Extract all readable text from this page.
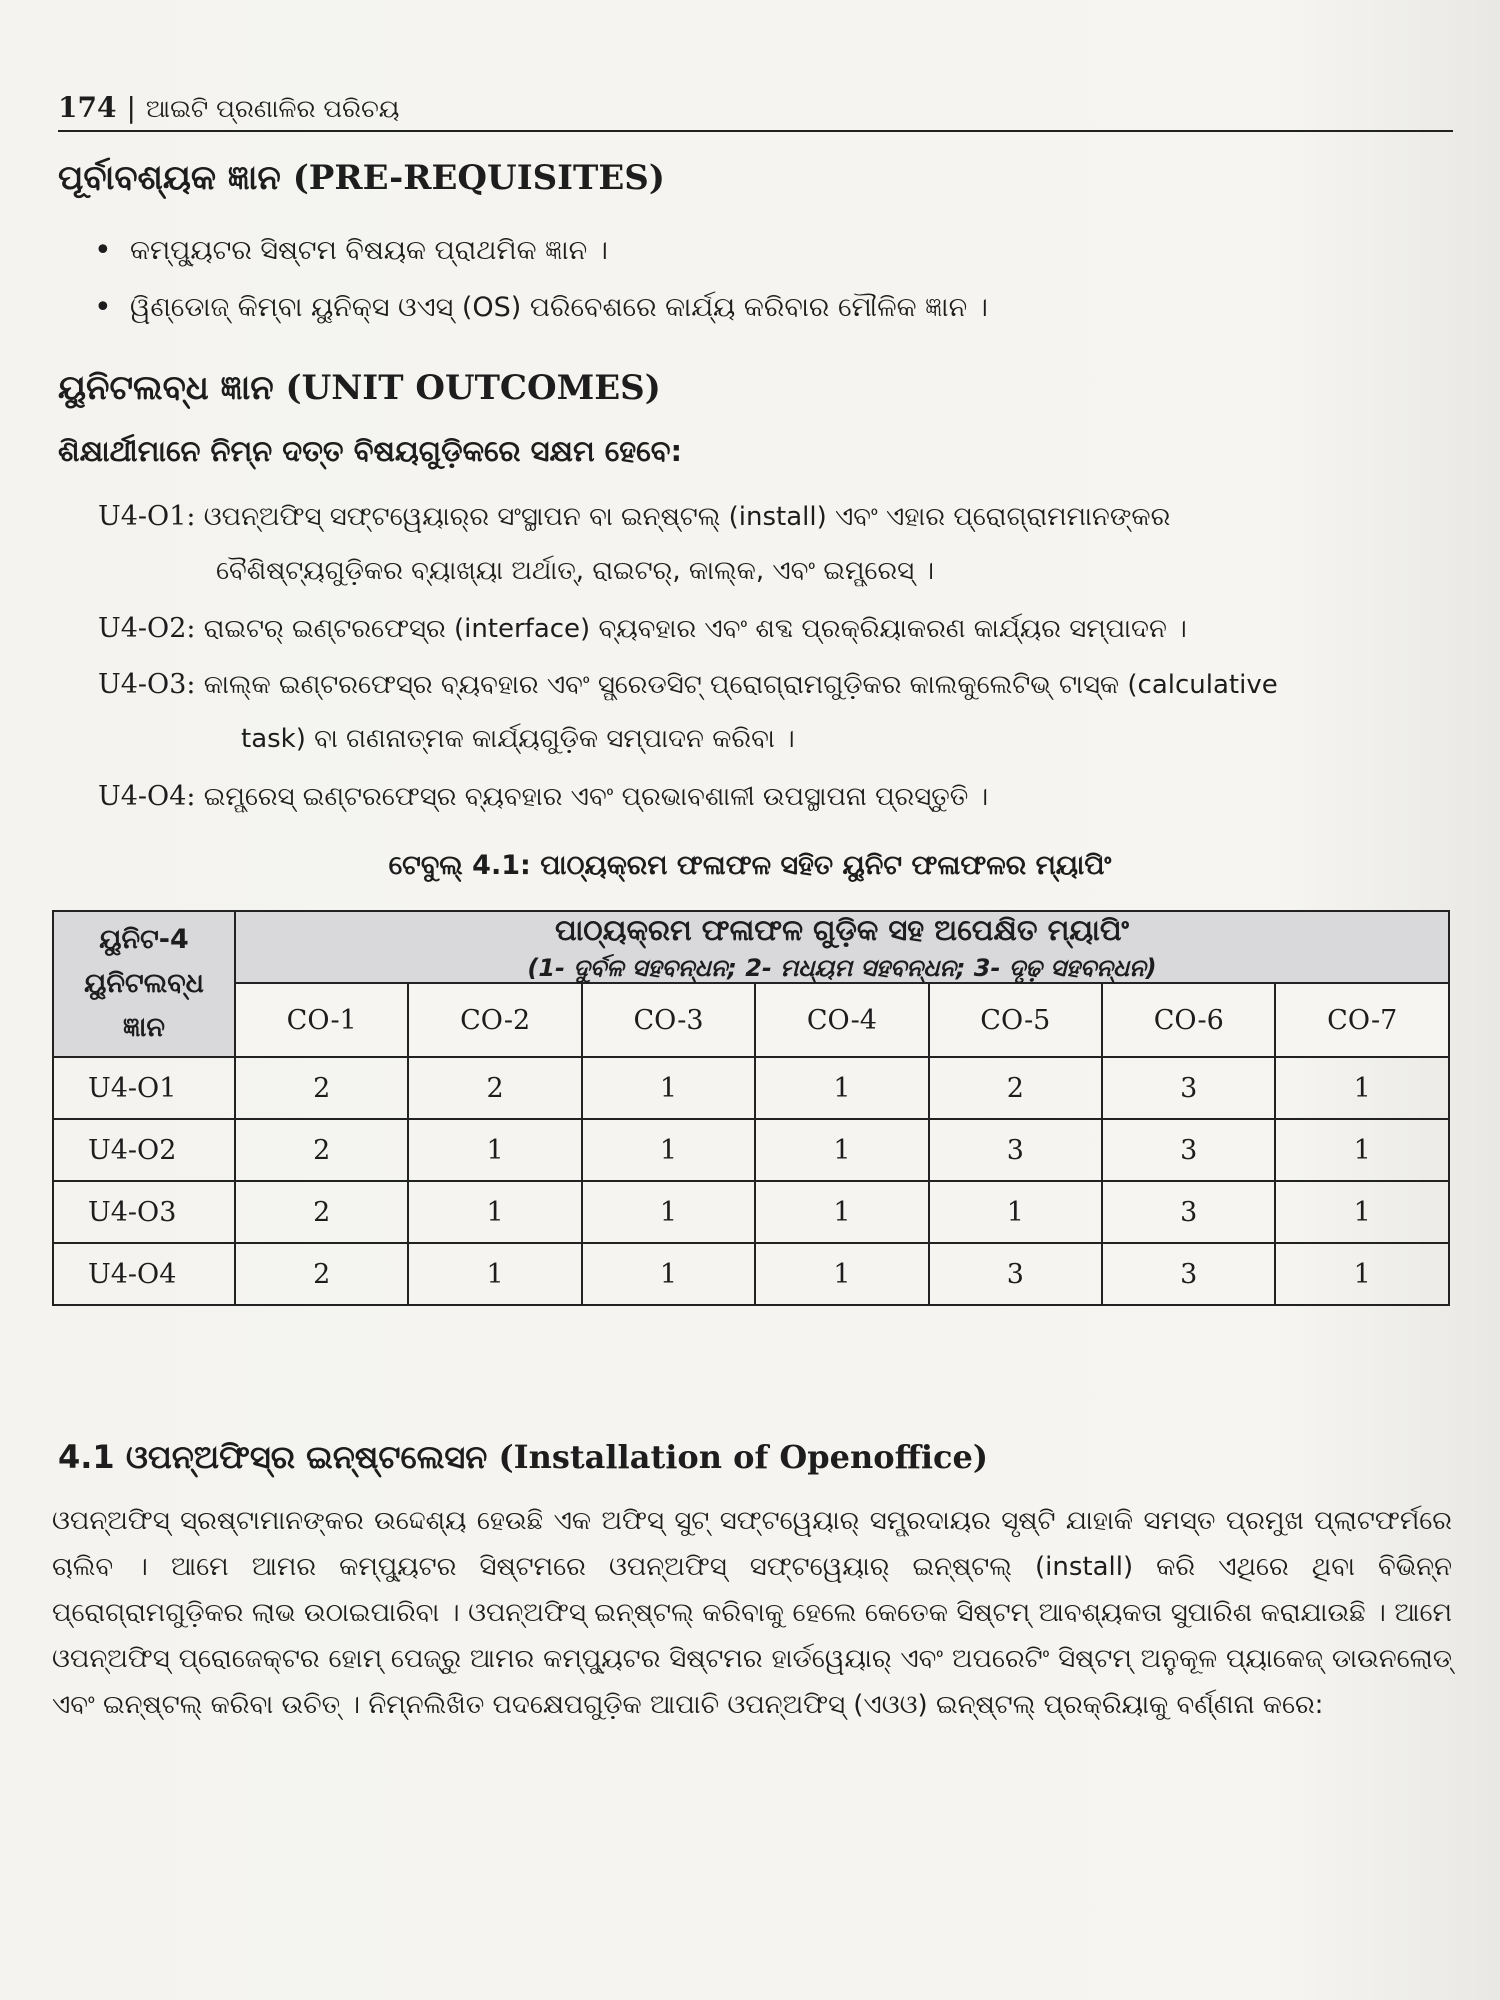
174 | ଆଇଟି ପ୍ରଣାଳିର ପରିଚୟ
ପୂର୍ବାବଶ୍ୟକ ଜ୍ଞାନ (PRE-REQUISITES)
• କମ୍ପ୍ୟୁଟର ସିଷ୍ଟମ ବିଷୟକ ପ୍ରାଥମିକ ଜ୍ଞାନ ।
• ୱିଣ୍ଡୋଜ୍ କିମ୍ବା ୟୁନିକ୍ସ ଓଏସ୍ (OS) ପରିବେଶରେ କାର୍ଯ୍ୟ କରିବାର ମୌଳିକ ଜ୍ଞାନ ।
ୟୁନିଟଲବ୍ଧ ଜ୍ଞାନ (UNIT OUTCOMES)
ଶିକ୍ଷାର୍ଥୀମାନେ ନିମ୍ନ ଦତ୍ତ ବିଷୟଗୁଡ଼ିକରେ ସକ୍ଷମ ହେବେ:
U4-O1: ଓପନ୍‌ଅଫିସ୍ ସଫ୍ଟୱେୟାର୍‌ର ସଂସ୍ଥାପନ ବା ଇନ୍‌ଷ୍ଟଲ୍ (install) ଏବଂ ଏହାର ପ୍ରୋଗ୍ରାମମାନଙ୍କର
ବୈଶିଷ୍ଟ୍ୟଗୁଡ଼ିକର ବ୍ୟାଖ୍ୟା ଅର୍ଥାତ୍, ରାଇଟର୍, କାଲ୍କ, ଏବଂ ଇମ୍ପ୍ରେସ୍ ।
U4-O2: ରାଇଟର୍ ଇଣ୍ଟରଫେସ୍‌ର (interface) ବ୍ୟବହାର ଏବଂ ଶବ୍ଦ ପ୍ରକ୍ରିୟାକରଣ କାର୍ଯ୍ୟର ସମ୍ପାଦନ ।
U4-O3: କାଲ୍କ ଇଣ୍ଟରଫେସ୍‌ର ବ୍ୟବହାର ଏବଂ ସ୍ପ୍ରେଡସିଟ୍ ପ୍ରୋଗ୍ରାମଗୁଡ଼ିକର କାଲକୁଲେଟିଭ୍ ଟାସ୍କ (calculative
task) ବା ଗଣନାତ୍ମକ କାର୍ଯ୍ୟଗୁଡ଼ିକ ସମ୍ପାଦନ କରିବା ।
U4-O4: ଇମ୍ପ୍ରେସ୍ ଇଣ୍ଟରଫେସ୍‌ର ବ୍ୟବହାର ଏବଂ ପ୍ରଭାବଶାଳୀ ଉପସ୍ଥାପନା ପ୍ରସ୍ତୁତି ।
ଟେବୁଲ୍ 4.1: ପାଠ୍ୟକ୍ରମ ଫଳାଫଳ ସହିତ ୟୁନିଟ ଫଳାଫଳର ମ୍ୟାପିଂ
ୟୁନିଟ-4
ୟୁନିଟଲବ୍ଧ
ଜ୍ଞାନ	ପାଠ୍ୟକ୍ରମ ଫଳାଫଳ ଗୁଡ଼ିକ ସହ ଅପେକ୍ଷିତ ମ୍ୟାପିଂ
(1- ଦୁର୍ବଳ ସହବନ୍ଧନ; 2- ମଧ୍ୟମ ସହବନ୍ଧନ; 3- ଦୃଢ଼ ସହବନ୍ଧନ)						

	CO-1	CO-2	CO-3	CO-4	CO-5	CO-6	CO-7
U4-O1	2	2	1	1	2	3	1
U4-O2	2	1	1	1	3	3	1
U4-O3	2	1	1	1	1	3	1
U4-O4	2	1	1	1	3	3	1
4.1 ଓପନ୍‌ଅଫିସ୍‌ର ଇନ୍‌ଷ୍ଟଲେସନ (Installation of Openoffice)
ଓପନ୍‌ଅଫିସ୍ ସ୍ରଷ୍ଟାମାନଙ୍କର ଉଦ୍ଦେଶ୍ୟ ହେଉଛି ଏକ ଅଫିସ୍ ସୁଟ୍ ସଫ୍ଟୱେୟାର୍ ସମ୍ପ୍ରଦାୟର ସୃଷ୍ଟି ଯାହାକି ସମସ୍ତ ପ୍ରମୁଖ ପ୍ଲାଟଫର୍ମରେ ଚାଲିବ । ଆମେ ଆମର କମ୍ପ୍ୟୁଟର ସିଷ୍ଟମରେ ଓପନ୍‌ଅଫିସ୍ ସଫ୍ଟୱେୟାର୍ ଇନ୍‌ଷ୍ଟଲ୍ (install) କରି ଏଥିରେ ଥିବା ବିଭିନ୍ନ ପ୍ରୋଗ୍ରାମଗୁଡ଼ିକର ଲାଭ ଉଠାଇପାରିବା । ଓପନ୍‌ଅଫିସ୍ ଇନ୍‌ଷ୍ଟଲ୍ କରିବାକୁ ହେଲେ କେତେକ ସିଷ୍ଟମ୍ ଆବଶ୍ୟକତା ସୁପାରିଶ କରାଯାଉଛି । ଆମେ ଓପନ୍‌ଅଫିସ୍ ପ୍ରୋଜେକ୍ଟର ହୋମ୍ ପେଜ୍‌ରୁ ଆମର କମ୍ପ୍ୟୁଟର ସିଷ୍ଟମର ହାର୍ଡୱେୟାର୍ ଏବଂ ଅପରେଟିଂ ସିଷ୍ଟମ୍ ଅନୁକୂଳ ପ୍ୟାକେଜ୍ ଡାଉନଲୋଡ୍ ଏବଂ ଇନ୍‌ଷ୍ଟଲ୍ କରିବା ଉଚିତ୍ । ନିମ୍ନଲିଖିତ ପଦକ୍ଷେପଗୁଡ଼ିକ ଆପାଚି ଓପନ୍‌ଅଫିସ୍ (ଏଓଓ) ଇନ୍‌ଷ୍ଟଲ୍ ପ୍ରକ୍ରିୟାକୁ ବର୍ଣ୍ଣନା କରେ:
